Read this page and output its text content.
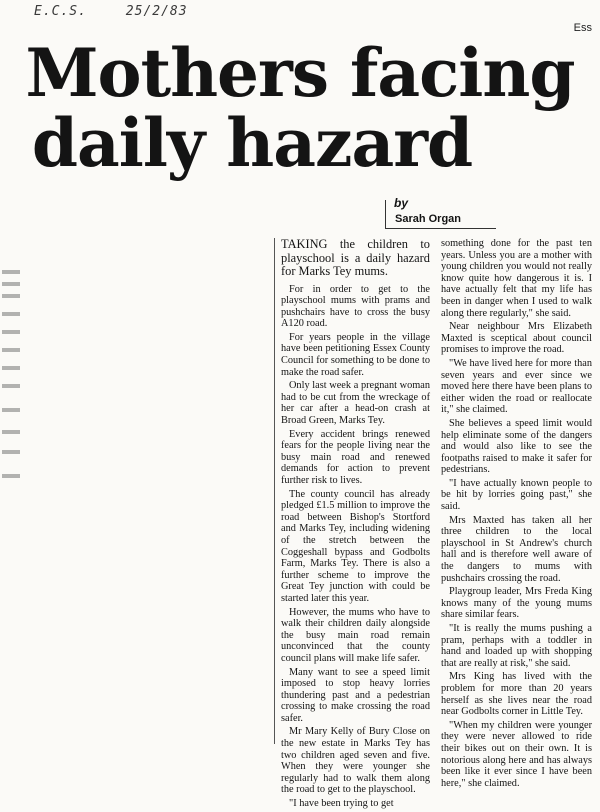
E.C.S.	25/2/83
Ess
Mothers facing
daily hazard
by
Sarah Organ

TAKING the children to playschool is a daily hazard for Marks Tey mums.

For in order to get to the playschool mums with prams and pushchairs have to cross the busy A120 road.

For years people in the village have been petitioning Essex County Council for something to be done to make the road safer.

Only last week a pregnant woman had to be cut from the wreckage of her car after a head-on crash at Broad Green, Marks Tey.

Every accident brings renewed fears for the people living near the busy main road and renewed demands for action to prevent further risk to lives.

The county council has already pledged £1.5 million to improve the road between Bishop's Stortford and Marks Tey, including widening of the stretch between the Coggeshall bypass and Godbolts Farm, Marks Tey. There is also a further scheme to improve the Great Tey junction with could be started later this year.

However, the mums who have to walk their children daily alongside the busy main road remain unconvinced that the county council plans will make life safer.

Many want to see a speed limit imposed to stop heavy lorries thundering past and a pedestrian crossing to make crossing the road safer.

Mr Mary Kelly of Bury Close on the new estate in Marks Tey has two children aged seven and five. When they were younger she regularly had to walk them along the road to get to the playschool.

"I have been trying to get

something done for the past ten years. Unless you are a mother with young children you would not really know quite how dangerous it is. I have actually felt that my life has been in danger when I used to walk along there regularly," she said.

Near neighbour Mrs Elizabeth Maxted is sceptical about council promises to improve the road.

"We have lived here for more than seven years and ever since we moved here there have been plans to either widen the road or reallocate it," she claimed.

She believes a speed limit would help eliminate some of the dangers and would also like to see the footpaths raised to make it safer for pedestrians.

"I have actually known people to be hit by lorries going past," she said.

Mrs Maxted has taken all her three children to the local playschool in St Andrew's church hall and is therefore well aware of the dangers to mums with pushchairs crossing the road.

Playgroup leader, Mrs Freda King knows many of the young mums share similar fears.

"It is really the mums pushing a pram, perhaps with a toddler in hand and loaded up with shopping that are really at risk," she said.

Mrs King has lived with the problem for more than 20 years herself as she lives near the road near Godbolts corner in Little Tey.

"When my children were younger they were never allowed to ride their bikes out on their own. It is notorious along here and has always been like it ever since I have been here," she claimed.
